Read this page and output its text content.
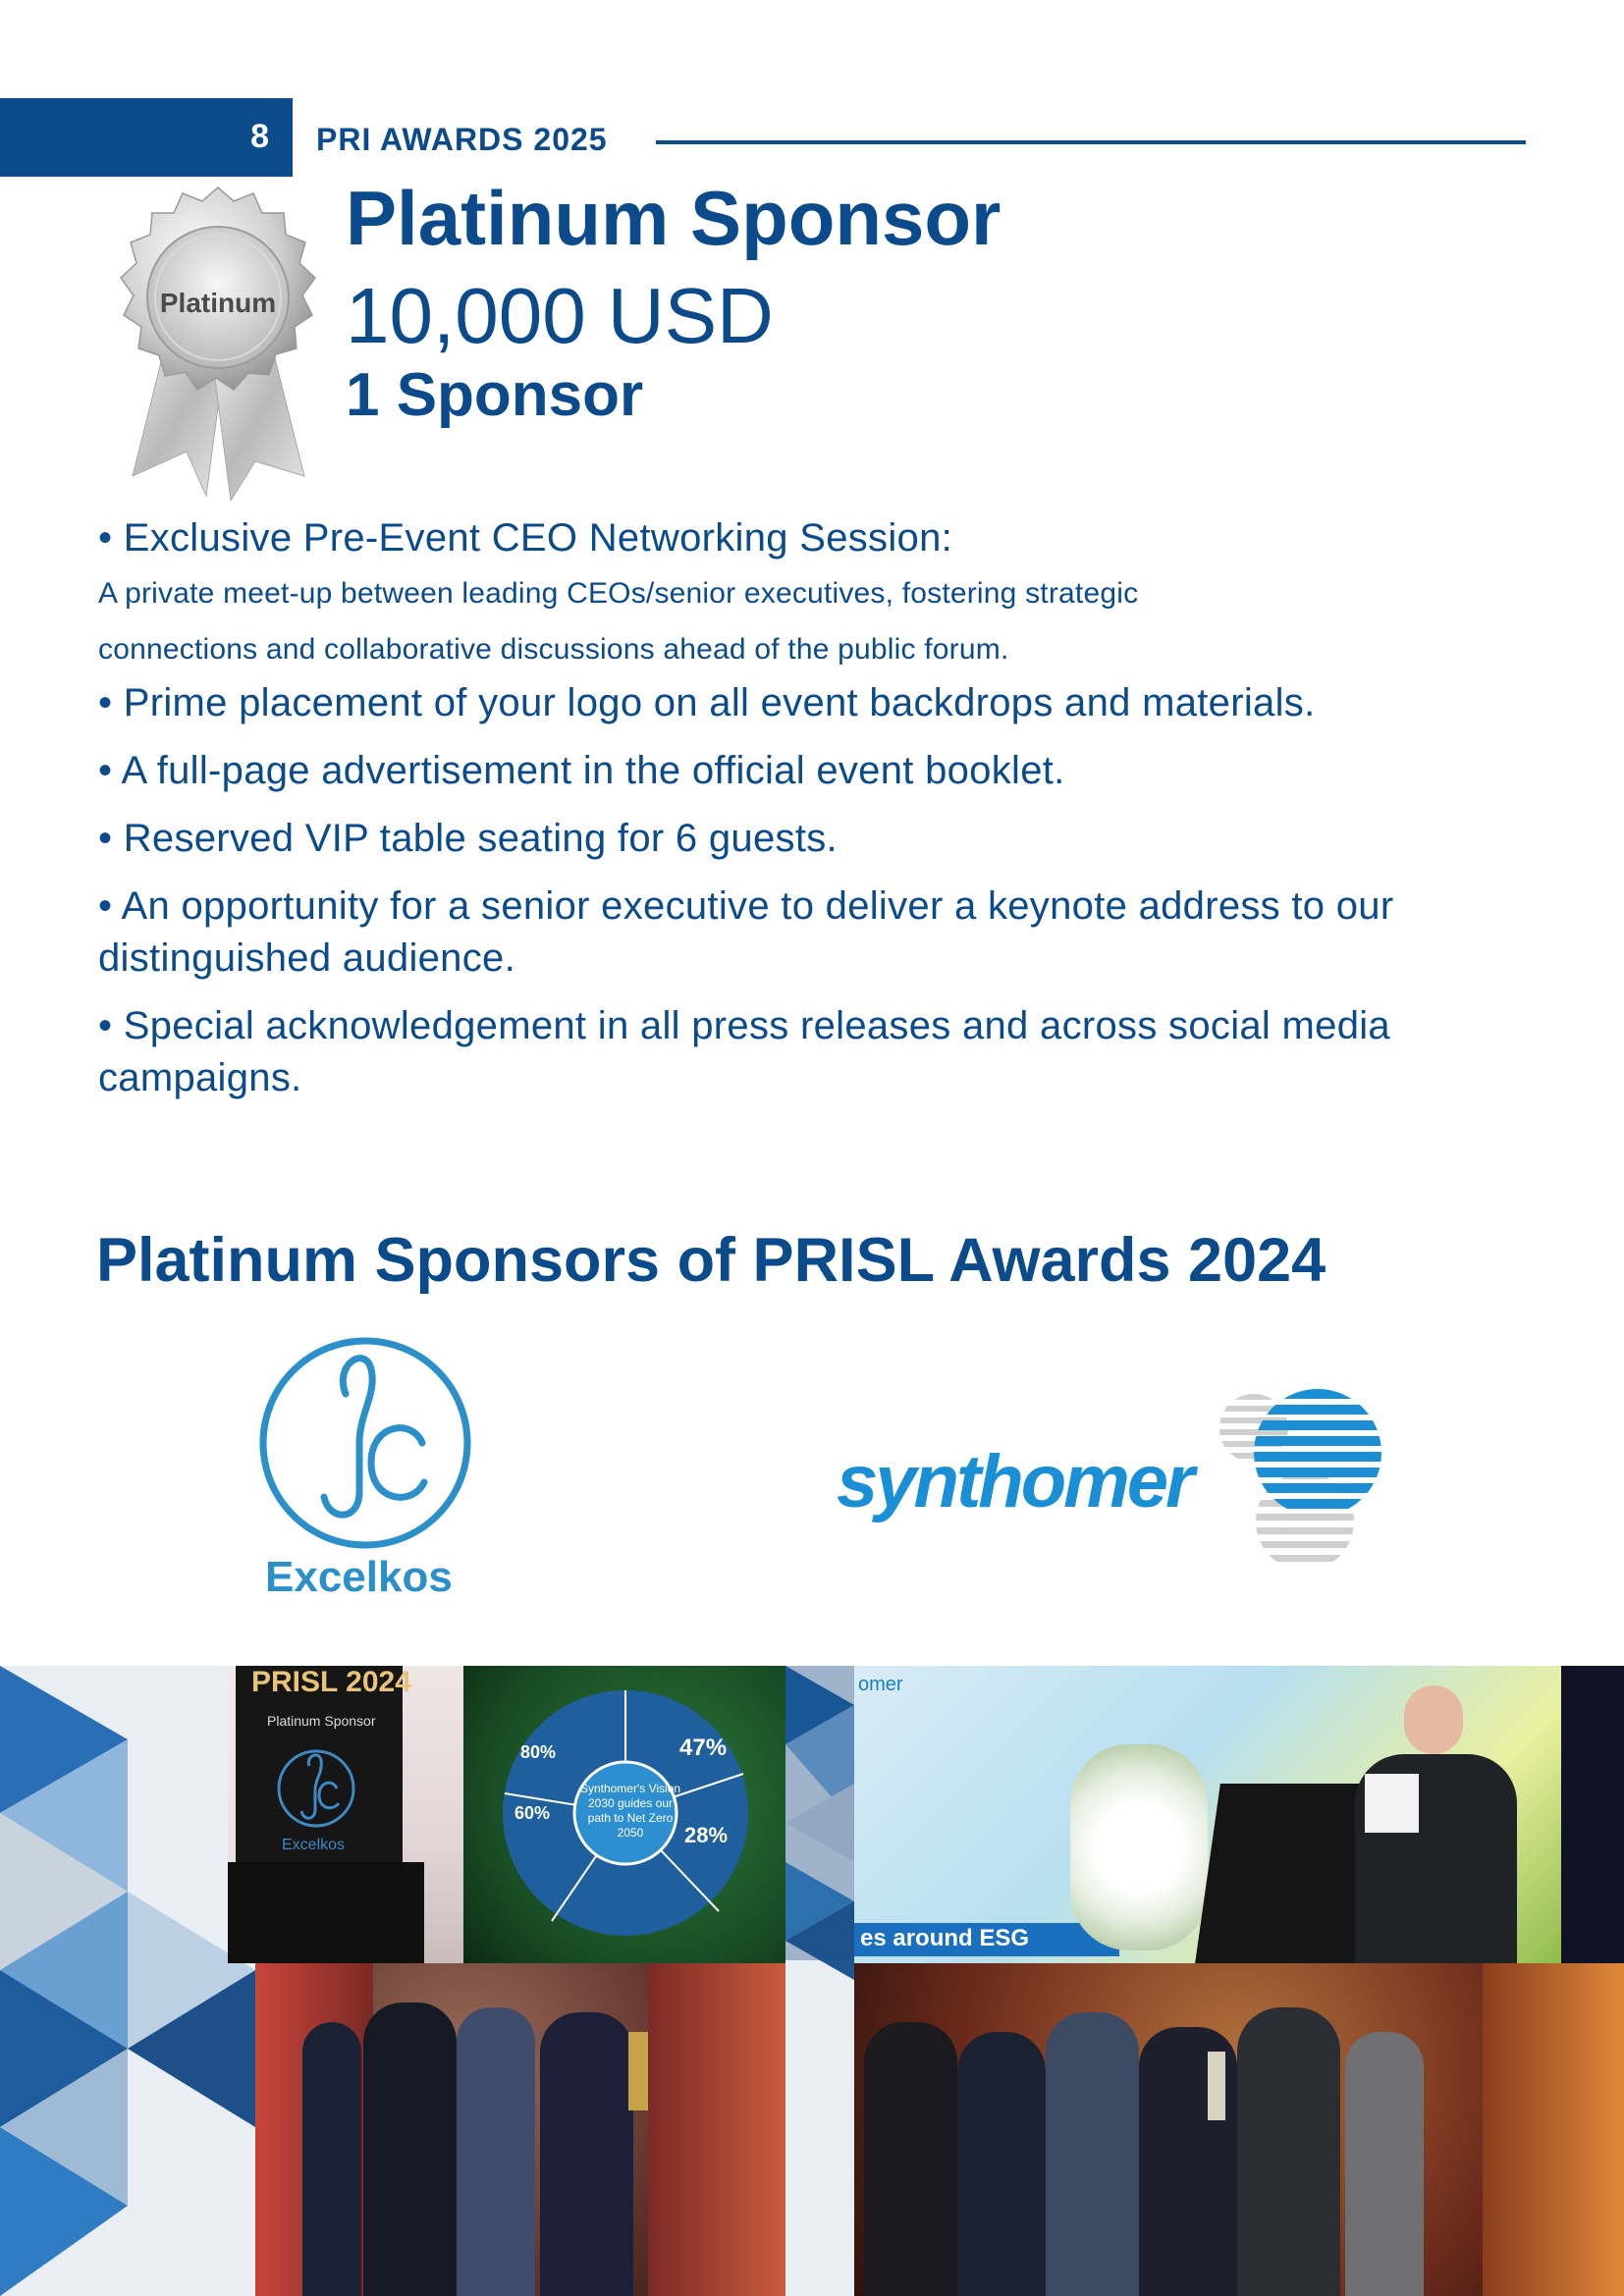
8 PRI AWARDS 2025
Platinum
Platinum Sponsor
10,000 USD
1 Sponsor
• Exclusive Pre-Event CEO Networking Session:
A private meet-up between leading CEOs/senior executives, fostering strategic
connections and collaborative discussions ahead of the public forum.
• Prime placement of your logo on all event backdrops and materials.
• A full-page advertisement in the official event booklet.
• Reserved VIP table seating for 6 guests.
• An opportunity for a senior executive to deliver a keynote address to our distinguished audience.
• Special acknowledgement in all press releases and across social media campaigns.
Platinum Sponsors of PRISL Awards 2024
Excelkos
synthomer
PRISL 2024
Platinum Sponsor
Excelkos
Synthomer's Vision 2030 guides our path to Net Zero 2050
47%
80%
60%
28%
omer
es around ESG
